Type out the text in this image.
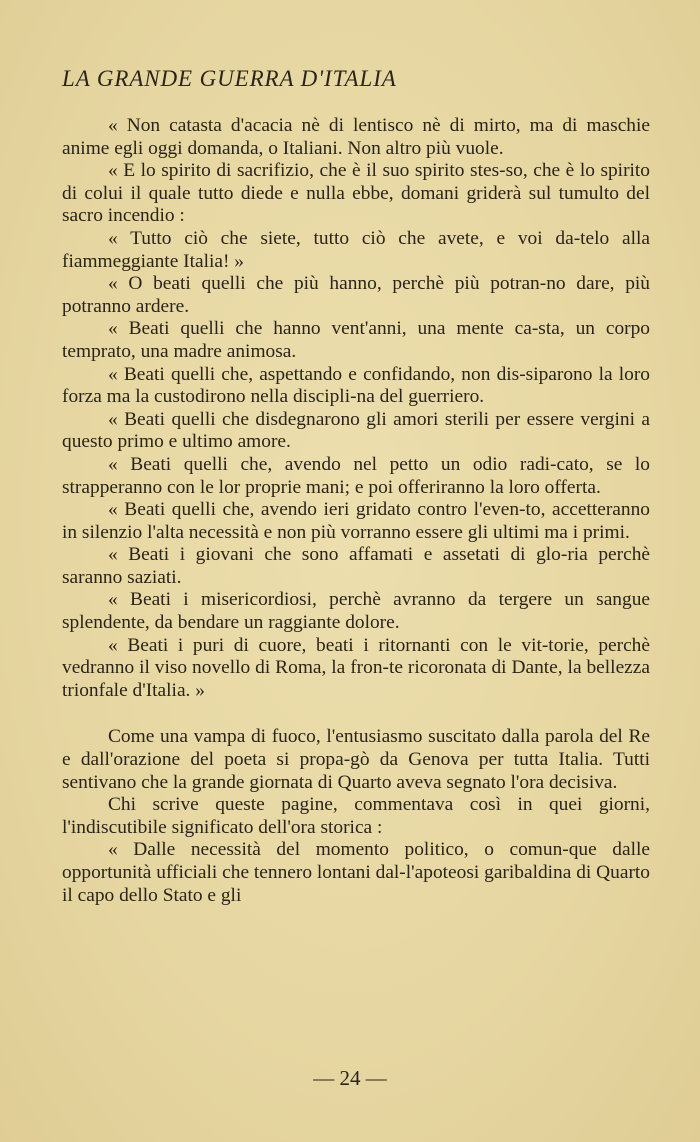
LA GRANDE GUERRA D'ITALIA

« Non catasta d'acacia nè di lentisco nè di mirto, ma di maschie anime egli oggi domanda, o Italiani. Non altro più vuole.

« E lo spirito di sacrifizio, che è il suo spirito stes-so, che è lo spirito di colui il quale tutto diede e nulla ebbe, domani griderà sul tumulto del sacro incendio :

« Tutto ciò che siete, tutto ciò che avete, e voi da-telo alla fiammeggiante Italia! »

« O beati quelli che più hanno, perchè più potran-no dare, più potranno ardere.

« Beati quelli che hanno vent'anni, una mente ca-sta, un corpo temprato, una madre animosa.

« Beati quelli che, aspettando e confidando, non dis-siparono la loro forza ma la custodirono nella discipli-na del guerriero.

« Beati quelli che disdegnarono gli amori sterili per essere vergini a questo primo e ultimo amore.

« Beati quelli che, avendo nel petto un odio radi-cato, se lo strapperanno con le lor proprie mani; e poi offeriranno la loro offerta.

« Beati quelli che, avendo ieri gridato contro l'even-to, accetteranno in silenzio l'alta necessità e non più vorranno essere gli ultimi ma i primi.

« Beati i giovani che sono affamati e assetati di glo-ria perchè saranno saziati.

« Beati i misericordiosi, perchè avranno da tergere un sangue splendente, da bendare un raggiante dolore.

« Beati i puri di cuore, beati i ritornanti con le vit-torie, perchè vedranno il viso novello di Roma, la fron-te ricoronata di Dante, la bellezza trionfale d'Italia. »

Come una vampa di fuoco, l'entusiasmo suscitato dalla parola del Re e dall'orazione del poeta si propa-gò da Genova per tutta Italia. Tutti sentivano che la grande giornata di Quarto aveva segnato l'ora decisiva.

Chi scrive queste pagine, commentava così in quei giorni, l'indiscutibile significato dell'ora storica :

« Dalle necessità del momento politico, o comun-que dalle opportunità ufficiali che tennero lontani dal-l'apoteosi garibaldina di Quarto il capo dello Stato e gli

— 24 —
